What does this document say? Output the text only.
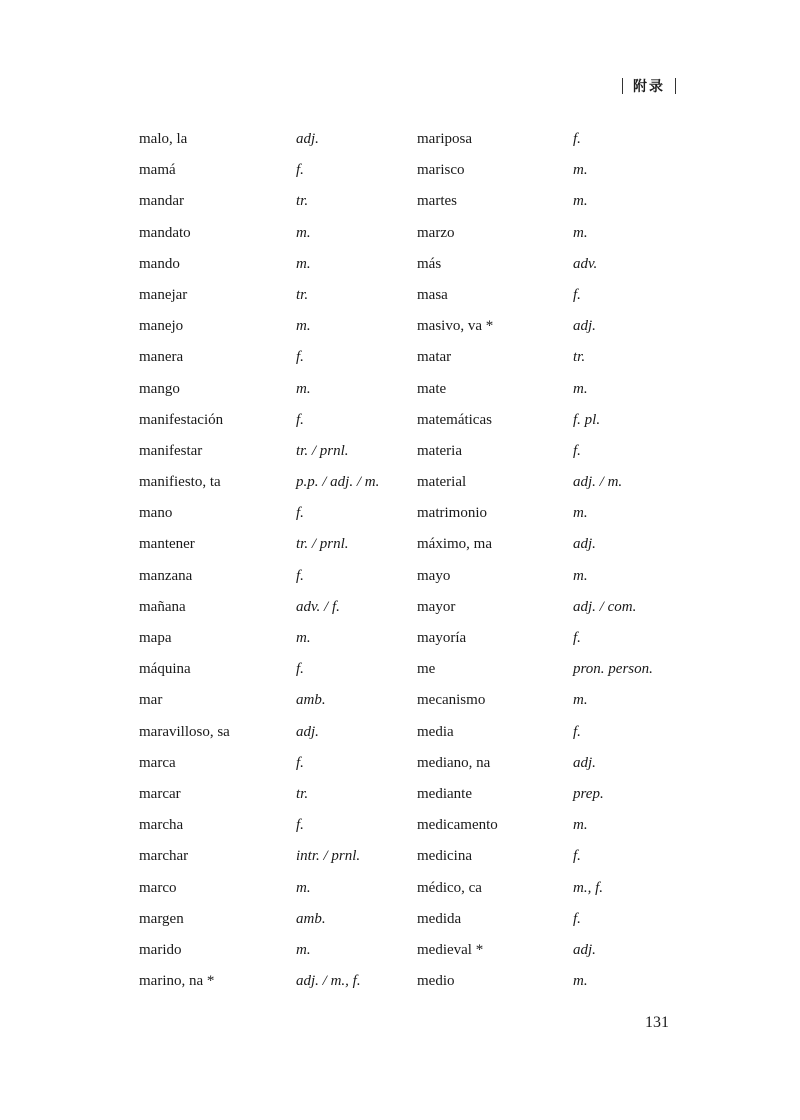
附录
malo, la	adj.	mariposa	f.
mamá	f.	marisco	m.
mandar	tr.	martes	m.
mandato	m.	marzo	m.
mando	m.	más	adv.
manejar	tr.	masa	f.
manejo	m.	masivo, va *	adj.
manera	f.	matar	tr.
mango	m.	mate	m.
manifestación	f.	matemáticas	f. pl.
manifestar	tr. / prnl.	materia	f.
manifiesto, ta	p.p. / adj. / m.	material	adj. / m.
mano	f.	matrimonio	m.
mantener	tr. / prnl.	máximo, ma	adj.
manzana	f.	mayo	m.
mañana	adv. / f.	mayor	adj. / com.
mapa	m.	mayoría	f.
máquina	f.	me	pron. person.
mar	amb.	mecanismo	m.
maravilloso, sa	adj.	media	f.
marca	f.	mediano, na	adj.
marcar	tr.	mediante	prep.
marcha	f.	medicamento	m.
marchar	intr. / prnl.	medicina	f.
marco	m.	médico, ca	m., f.
margen	amb.	medida	f.
marido	m.	medieval *	adj.
marino, na *	adj. / m., f.	medio	m.
131
